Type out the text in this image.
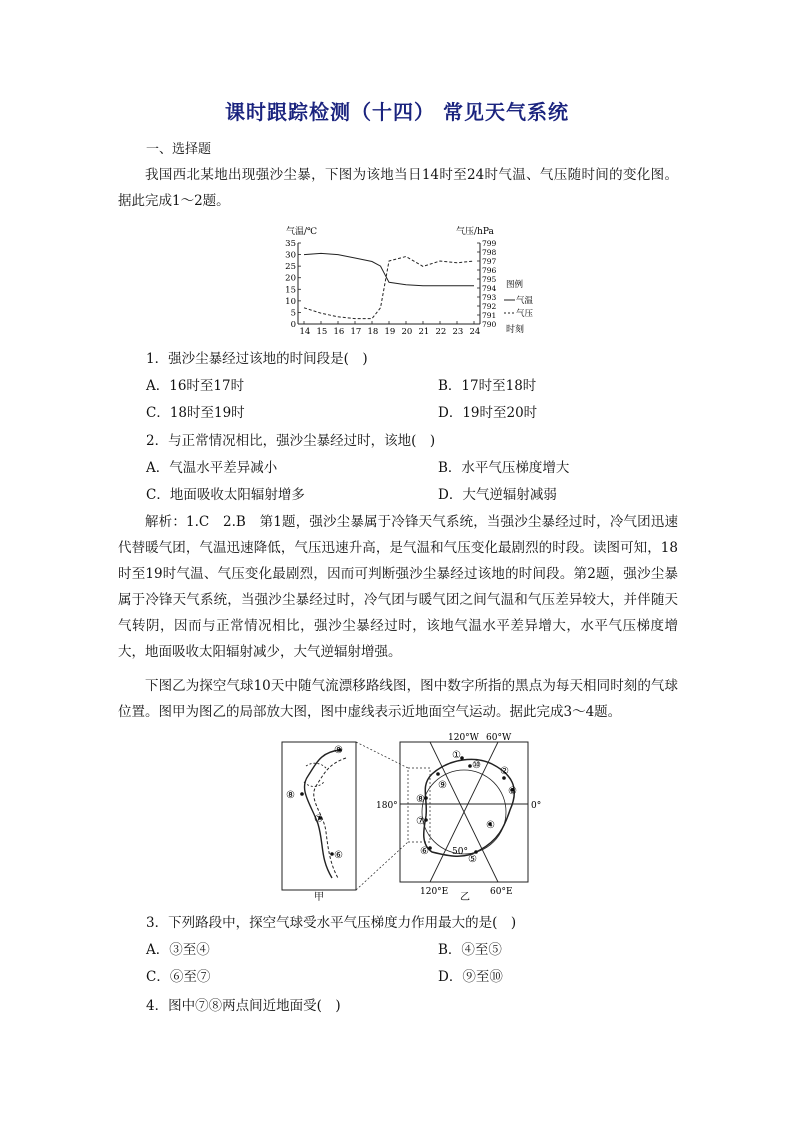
课时跟踪检测（十四） 常见天气系统
一、选择题
我国西北某地出现强沙尘暴，下图为该地当日14时至24时气温、气压随时间的变化图。据此完成1～2题。
气温/℃	气压/hPa
14 15 16 17 18 19 20 21 22 23 24
0
5
10
15
20
25
30
35
790
791
792
793
794
795
796
797
798
799
时刻
图例
气温
气压
1．强沙尘暴经过该地的时间段是(　)
A．16时至17时	B．17时至18时
C．18时至19时	D．19时至20时
2．与正常情况相比，强沙尘暴经过时，该地(　)
A．气温水平差异减小	B．水平气压梯度增大
C．地面吸收太阳辐射增多	D．大气逆辐射减弱
解析：1.C　2.B　第1题，强沙尘暴属于冷锋天气系统，当强沙尘暴经过时，冷气团迅速代替暖气团，气温迅速降低，气压迅速升高，是气温和气压变化最剧烈的时段。读图可知，18时至19时气温、气压变化最剧烈，因而可判断强沙尘暴经过该地的时间段。第2题，强沙尘暴属于冷锋天气系统，当强沙尘暴经过时，冷气团与暖气团之间气温和气压差异较大，并伴随天气转阴，因而与正常情况相比，强沙尘暴经过时，该地气温水平差异增大，水平气压梯度增大，地面吸收太阳辐射减少，大气逆辐射增强。
下图乙为探空气球10天中随气流漂移路线图，图中数字所指的黑点为每天相同时刻的气球位置。图甲为图乙的局部放大图，图中虚线表示近地面空气运动。据此完成3～4题。
⑨
⑧
⑦
⑥
甲
120°W 60°W
180°	0°
120°E	60°E
50°
①
②
③
④
⑤
⑥
⑦
⑧
⑨
⑩
乙
3．下列路段中，探空气球受水平气压梯度力作用最大的是(　)
A．③至④	B．④至⑤
C．⑥至⑦	D．⑨至⑩
4．图中⑦⑧两点间近地面受(　)
